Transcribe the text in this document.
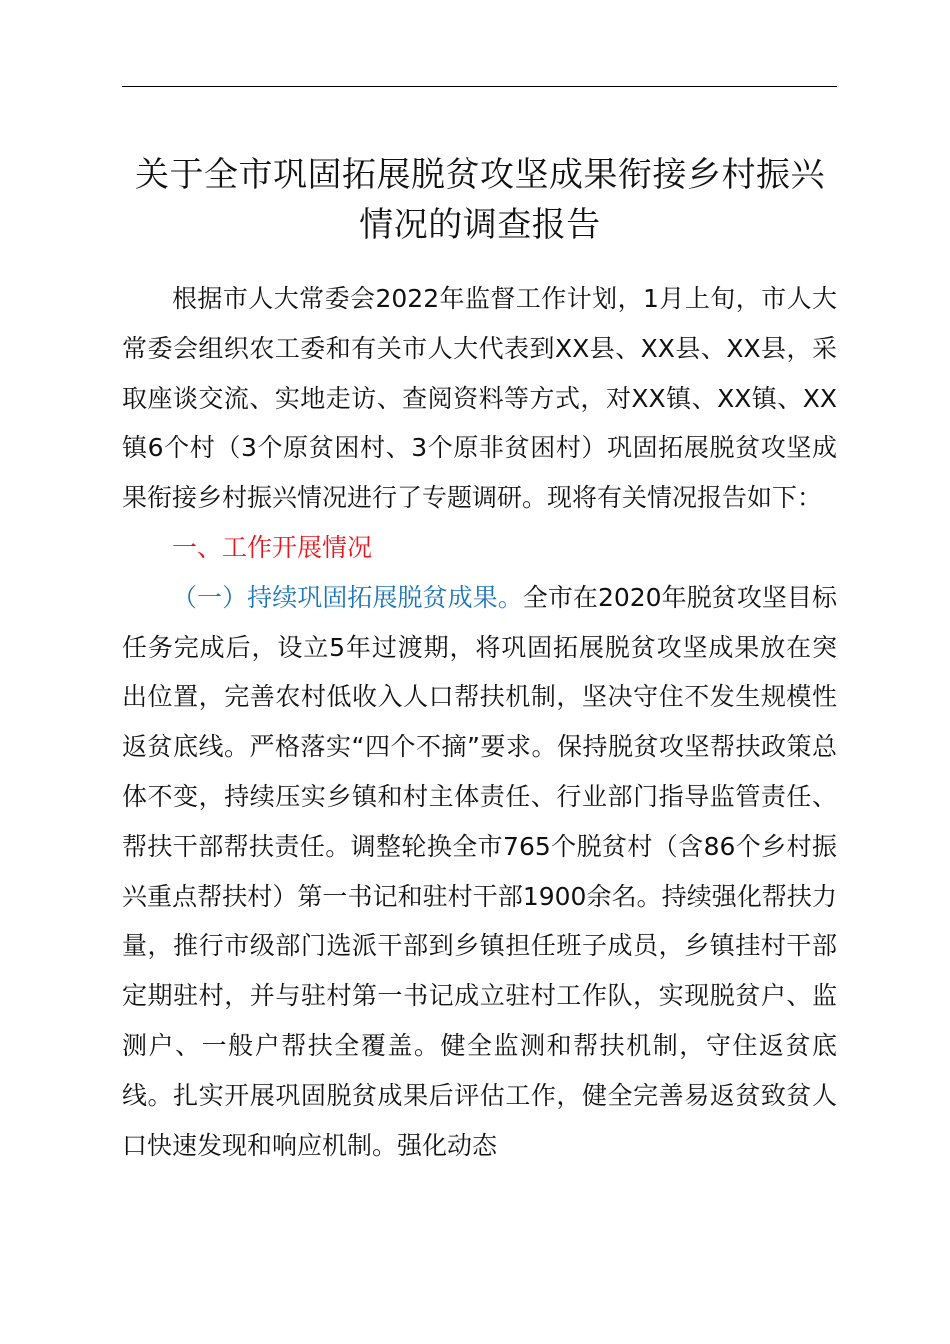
关于全市巩固拓展脱贫攻坚成果衔接乡村振兴
情况的调查报告

根据市人大常委会2022年监督工作计划，1月上旬，市人大常委会组织农工委和有关市人大代表到XX县、XX县、XX县，采取座谈交流、实地走访、查阅资料等方式，对XX镇、XX镇、XX镇6个村（3个原贫困村、3个原非贫困村）巩固拓展脱贫攻坚成果衔接乡村振兴情况进行了专题调研。现将有关情况报告如下：

一、工作开展情况

（一）持续巩固拓展脱贫成果。全市在2020年脱贫攻坚目标任务完成后，设立5年过渡期，将巩固拓展脱贫攻坚成果放在突出位置，完善农村低收入人口帮扶机制，坚决守住不发生规模性返贫底线。严格落实“四个不摘”要求。保持脱贫攻坚帮扶政策总体不变，持续压实乡镇和村主体责任、行业部门指导监管责任、帮扶干部帮扶责任。调整轮换全市765个脱贫村（含86个乡村振兴重点帮扶村）第一书记和驻村干部1900余名。持续强化帮扶力量，推行市级部门选派干部到乡镇担任班子成员，乡镇挂村干部定期驻村，并与驻村第一书记成立驻村工作队，实现脱贫户、监测户、一般户帮扶全覆盖。健全监测和帮扶机制，守住返贫底线。扎实开展巩固脱贫成果后评估工作，健全完善易返贫致贫人口快速发现和响应机制。强化动态
